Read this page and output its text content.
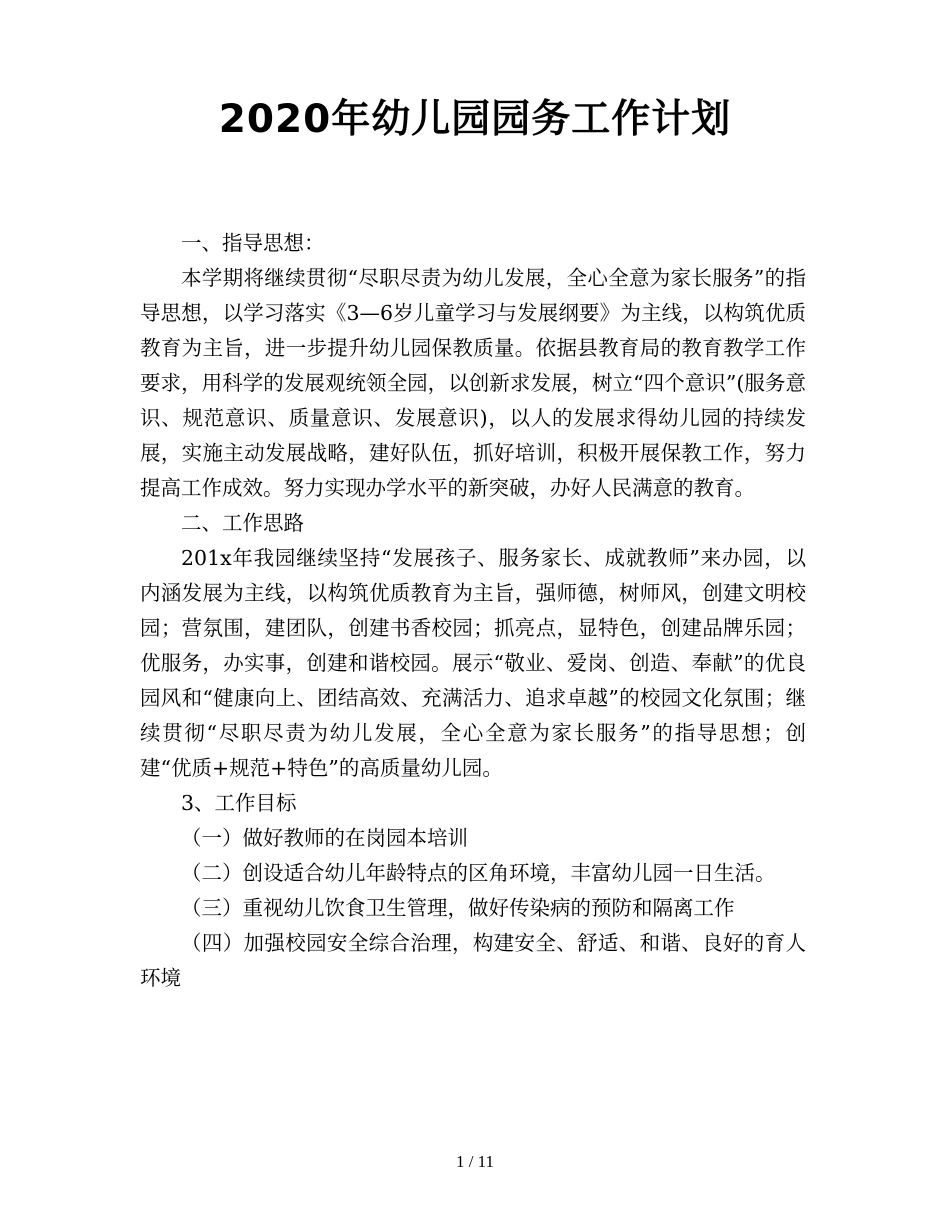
2020年幼儿园园务工作计划

一、指导思想：

本学期将继续贯彻“尽职尽责为幼儿发展，全心全意为家长服务”的指导思想，以学习落实《3—6岁儿童学习与发展纲要》为主线，以构筑优质教育为主旨，进一步提升幼儿园保教质量。依据县教育局的教育教学工作要求，用科学的发展观统领全园，以创新求发展，树立“四个意识”(服务意识、规范意识、质量意识、发展意识)，以人的发展求得幼儿园的持续发展，实施主动发展战略，建好队伍，抓好培训，积极开展保教工作，努力提高工作成效。努力实现办学水平的新突破，办好人民满意的教育。

二、工作思路

201x年我园继续坚持“发展孩子、服务家长、成就教师”来办园，以内涵发展为主线，以构筑优质教育为主旨，强师德，树师风，创建文明校园；营氛围，建团队，创建书香校园；抓亮点，显特色，创建品牌乐园；优服务，办实事，创建和谐校园。展示“敬业、爱岗、创造、奉献”的优良园风和“健康向上、团结高效、充满活力、追求卓越”的校园文化氛围；继续贯彻“尽职尽责为幼儿发展，全心全意为家长服务”的指导思想；创建“优质+规范+特色”的高质量幼儿园。

3、工作目标

（一）做好教师的在岗园本培训

（二）创设适合幼儿年龄特点的区角环境，丰富幼儿园一日生活。

（三）重视幼儿饮食卫生管理，做好传染病的预防和隔离工作

（四）加强校园安全综合治理，构建安全、舒适、和谐、良好的育人环境

1 / 11
